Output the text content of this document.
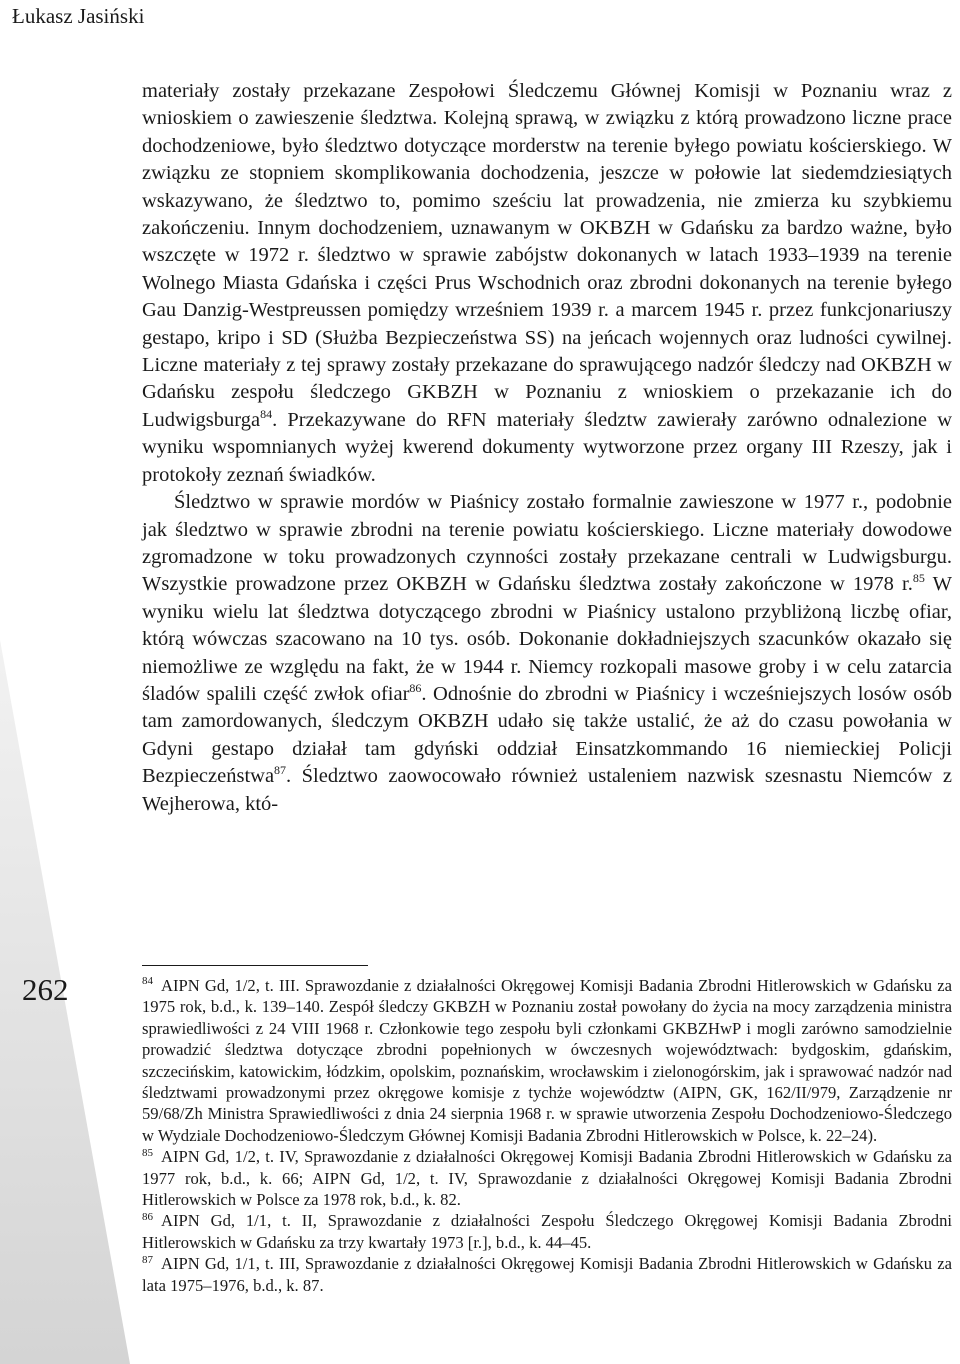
Łukasz Jasiński
262

materiały zostały przekazane Zespołowi Śledczemu Głównej Komisji w Poznaniu wraz z wnioskiem o zawieszenie śledztwa. Kolejną sprawą, w związku z którą prowadzono liczne prace dochodzeniowe, było śledztwo dotyczące morderstw na terenie byłego powiatu kościerskiego. W związku ze stopniem skomplikowania dochodzenia, jeszcze w połowie lat siedemdziesiątych wskazywano, że śledztwo to, pomimo sześciu lat prowadzenia, nie zmierza ku szybkiemu zakończeniu. Innym dochodzeniem, uznawanym w OKBZH w Gdańsku za bardzo ważne, było wszczęte w 1972 r. śledztwo w sprawie zabójstw dokonanych w latach 1933–1939 na terenie Wolnego Miasta Gdańska i części Prus Wschodnich oraz zbrodni dokonanych na terenie byłego Gau Danzig-Westpreussen pomiędzy wrześniem 1939 r. a marcem 1945 r. przez funkcjonariuszy gestapo, kripo i SD (Służba Bezpieczeństwa SS) na jeńcach wojennych oraz ludności cywilnej. Liczne materiały z tej sprawy zostały przekazane do sprawującego nadzór śledczy nad OKBZH w Gdańsku zespołu śledczego GKBZH w Poznaniu z wnioskiem o przekazanie ich do Ludwigsburga$^{84}$. Przekazywane do RFN materiały śledztw zawierały zarówno odnalezione w wyniku wspomnianych wyżej kwerend dokumenty wytworzone przez organy III Rzeszy, jak i protokoły zeznań świadków.

Śledztwo w sprawie mordów w Piaśnicy zostało formalnie zawieszone w 1977 r., podobnie jak śledztwo w sprawie zbrodni na terenie powiatu kościerskiego. Liczne materiały dowodowe zgromadzone w toku prowadzonych czynności zostały przekazane centrali w Ludwigsburgu. Wszystkie prowadzone przez OKBZH w Gdańsku śledztwa zostały zakończone w 1978 r.$^{85}$ W wyniku wielu lat śledztwa dotyczącego zbrodni w Piaśnicy ustalono przybliżoną liczbę ofiar, którą wówczas szacowano na 10 tys. osób. Dokonanie dokładniejszych szacunków okazało się niemożliwe ze względu na fakt, że w 1944 r. Niemcy rozkopali masowe groby i w celu zatarcia śladów spalili część zwłok ofiar$^{86}$. Odnośnie do zbrodni w Piaśnicy i wcześniejszych losów osób tam zamordowanych, śledczym OKBZH udało się także ustalić, że aż do czasu powołania w Gdyni gestapo działał tam gdyński oddział Einsatzkommando 16 niemieckiej Policji Bezpieczeństwa$^{87}$. Śledztwo zaowocowało również ustaleniem nazwisk szesnastu Niemców z Wejherowa, któ-

$^{84}$ AIPN Gd, 1/2, t. III. Sprawozdanie z działalności Okręgowej Komisji Badania Zbrodni Hitlerowskich w Gdańsku za 1975 rok, b.d., k. 139–140. Zespół śledczy GKBZH w Poznaniu został powołany do życia na mocy zarządzenia ministra sprawiedliwości z 24 VIII 1968 r. Członkowie tego zespołu byli członkami GKBZHwP i mogli zarówno samodzielnie prowadzić śledztwa dotyczące zbrodni popełnionych w ówczesnych województwach: bydgoskim, gdańskim, szczecińskim, katowickim, łódzkim, opolskim, poznańskim, wrocławskim i zielonogórskim, jak i sprawować nadzór nad śledztwami prowadzonymi przez okręgowe komisje z tychże województw (AIPN, GK, 162/II/979, Zarządzenie nr 59/68/Zh Ministra Sprawiedliwości z dnia 24 sierpnia 1968 r. w sprawie utworzenia Zespołu Dochodzeniowo-Śledczego w Wydziale Dochodzeniowo-Śledczym Głównej Komisji Badania Zbrodni Hitlerowskich w Polsce, k. 22–24).

$^{85}$ AIPN Gd, 1/2, t. IV, Sprawozdanie z działalności Okręgowej Komisji Badania Zbrodni Hitlerowskich w Gdańsku za 1977 rok, b.d., k. 66; AIPN Gd, 1/2, t. IV, Sprawozdanie z działalności Okręgowej Komisji Badania Zbrodni Hitlerowskich w Polsce za 1978 rok, b.d., k. 82.

$^{86}$ AIPN Gd, 1/1, t. II, Sprawozdanie z działalności Zespołu Śledczego Okręgowej Komisji Badania Zbrodni Hitlerowskich w Gdańsku za trzy kwartały 1973 [r.], b.d., k. 44–45.

$^{87}$ AIPN Gd, 1/1, t. III, Sprawozdanie z działalności Okręgowej Komisji Badania Zbrodni Hitlerowskich w Gdańsku za lata 1975–1976, b.d., k. 87.
